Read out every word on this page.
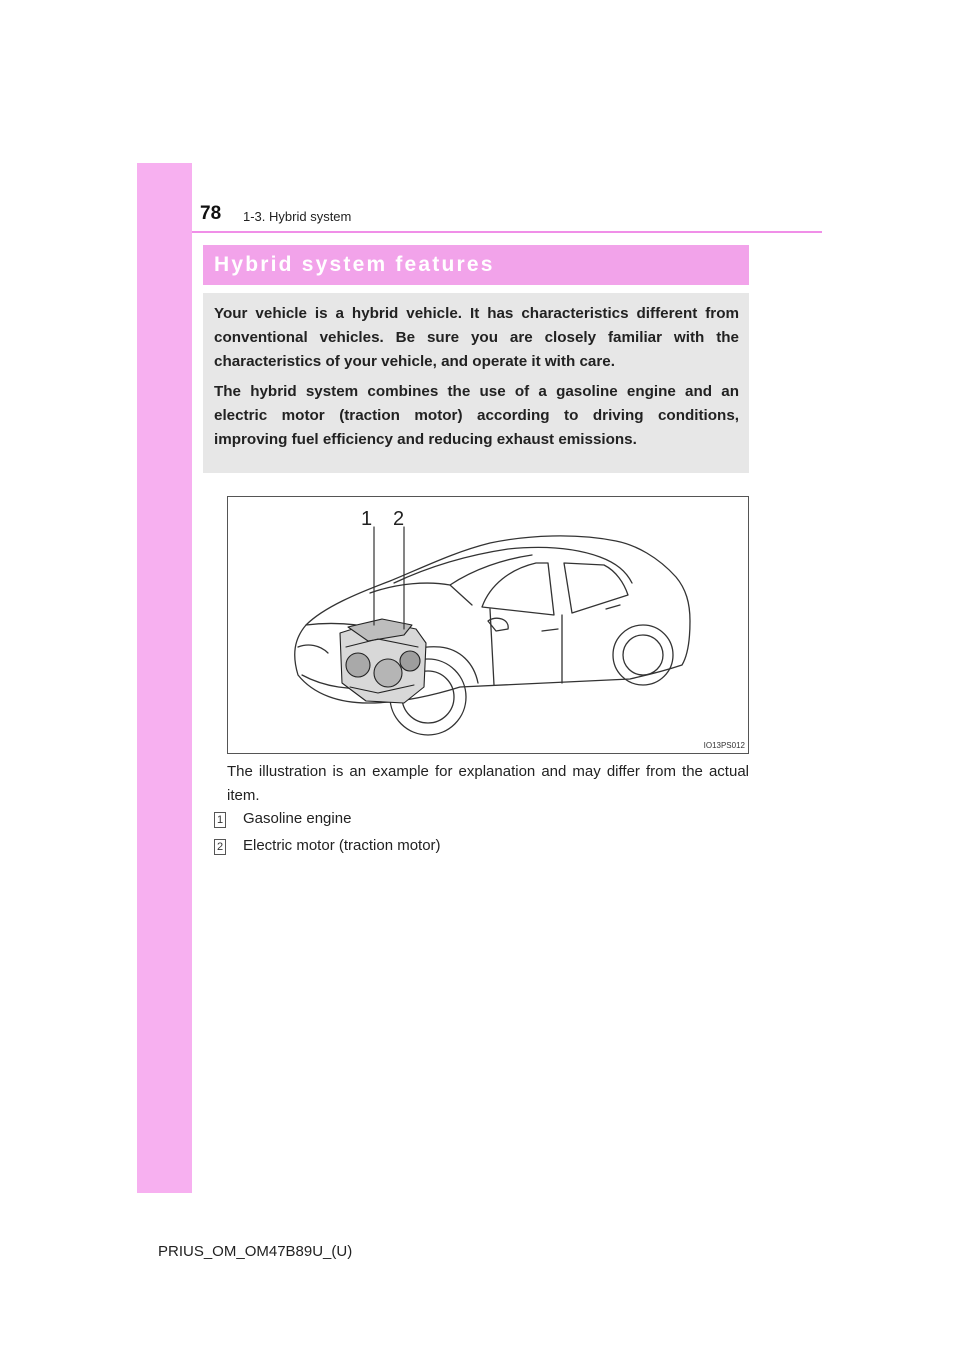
78 1-3. Hybrid system
Hybrid system features

Your vehicle is a hybrid vehicle. It has characteristics different from conventional vehicles. Be sure you are closely familiar with the characteristics of your vehicle, and operate it with care.

The hybrid system combines the use of a gasoline engine and an electric motor (traction motor) according to driving conditions, improving fuel efficiency and reducing exhaust emissions.

1 2
IO13PS012

The illustration is an example for explanation and may differ from the actual item.

1 Gasoline engine
2 Electric motor (traction motor)
PRIUS_OM_OM47B89U_(U)
